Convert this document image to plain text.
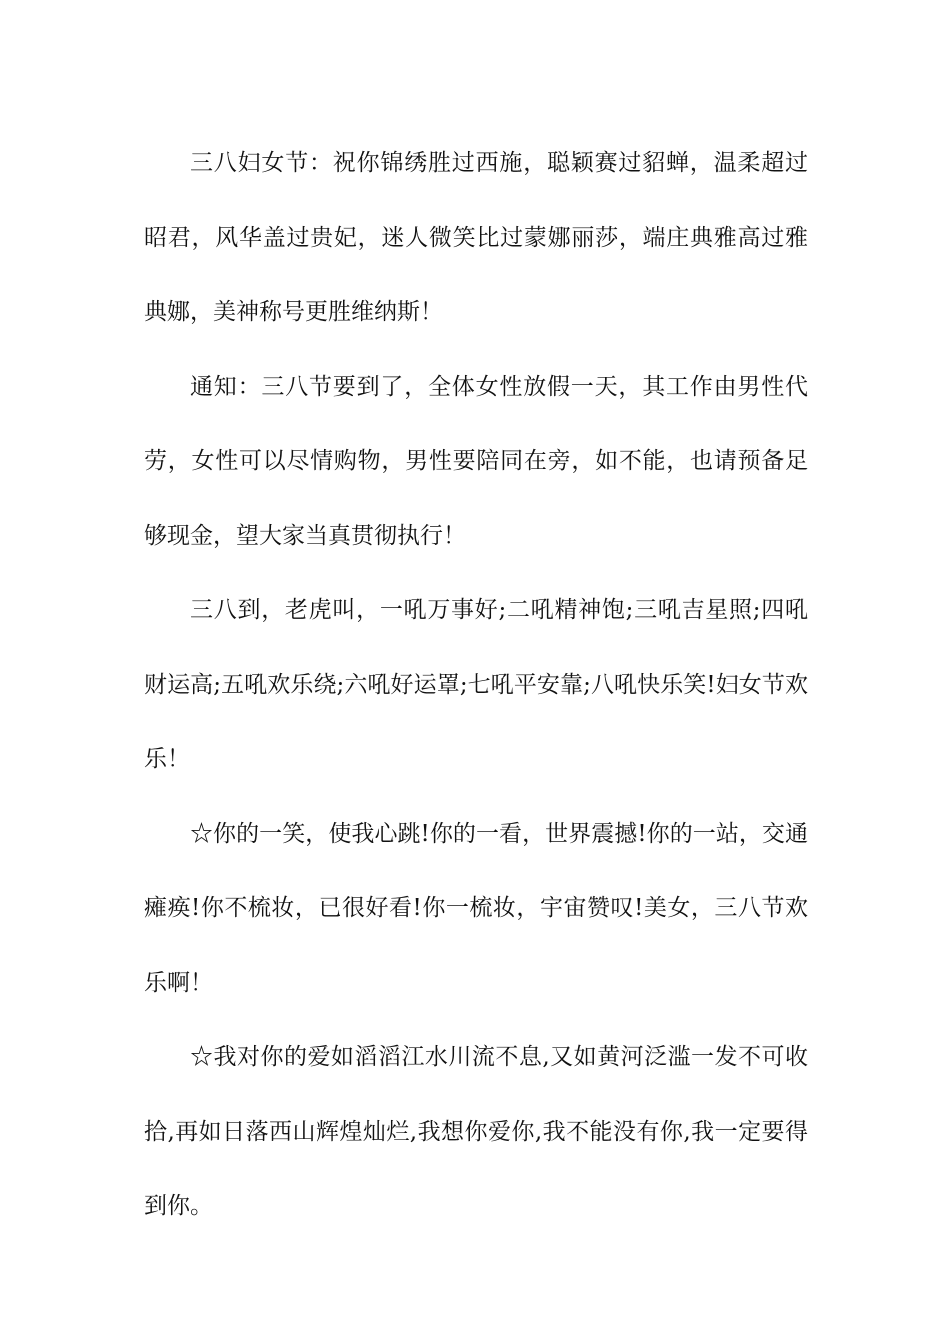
三八妇女节：祝你锦绣胜过西施，聪颖赛过貂蝉，温柔超过昭君，风华盖过贵妃，迷人微笑比过蒙娜丽莎，端庄典雅高过雅典娜，美神称号更胜维纳斯！

通知：三八节要到了，全体女性放假一天，其工作由男性代劳，女性可以尽情购物，男性要陪同在旁，如不能，也请预备足够现金，望大家当真贯彻执行！

三八到，老虎叫，一吼万事好;二吼精神饱;三吼吉星照;四吼财运高;五吼欢乐绕;六吼好运罩;七吼平安靠;八吼快乐笑!妇女节欢乐！

☆你的一笑，使我心跳!你的一看，世界震撼!你的一站，交通瘫痪!你不梳妆，已很好看!你一梳妆，宇宙赞叹!美女，三八节欢乐啊！

☆我对你的爱如滔滔江水川流不息,又如黄河泛滥一发不可收拾,再如日落西山辉煌灿烂,我想你爱你,我不能没有你,我一定要得到你。
